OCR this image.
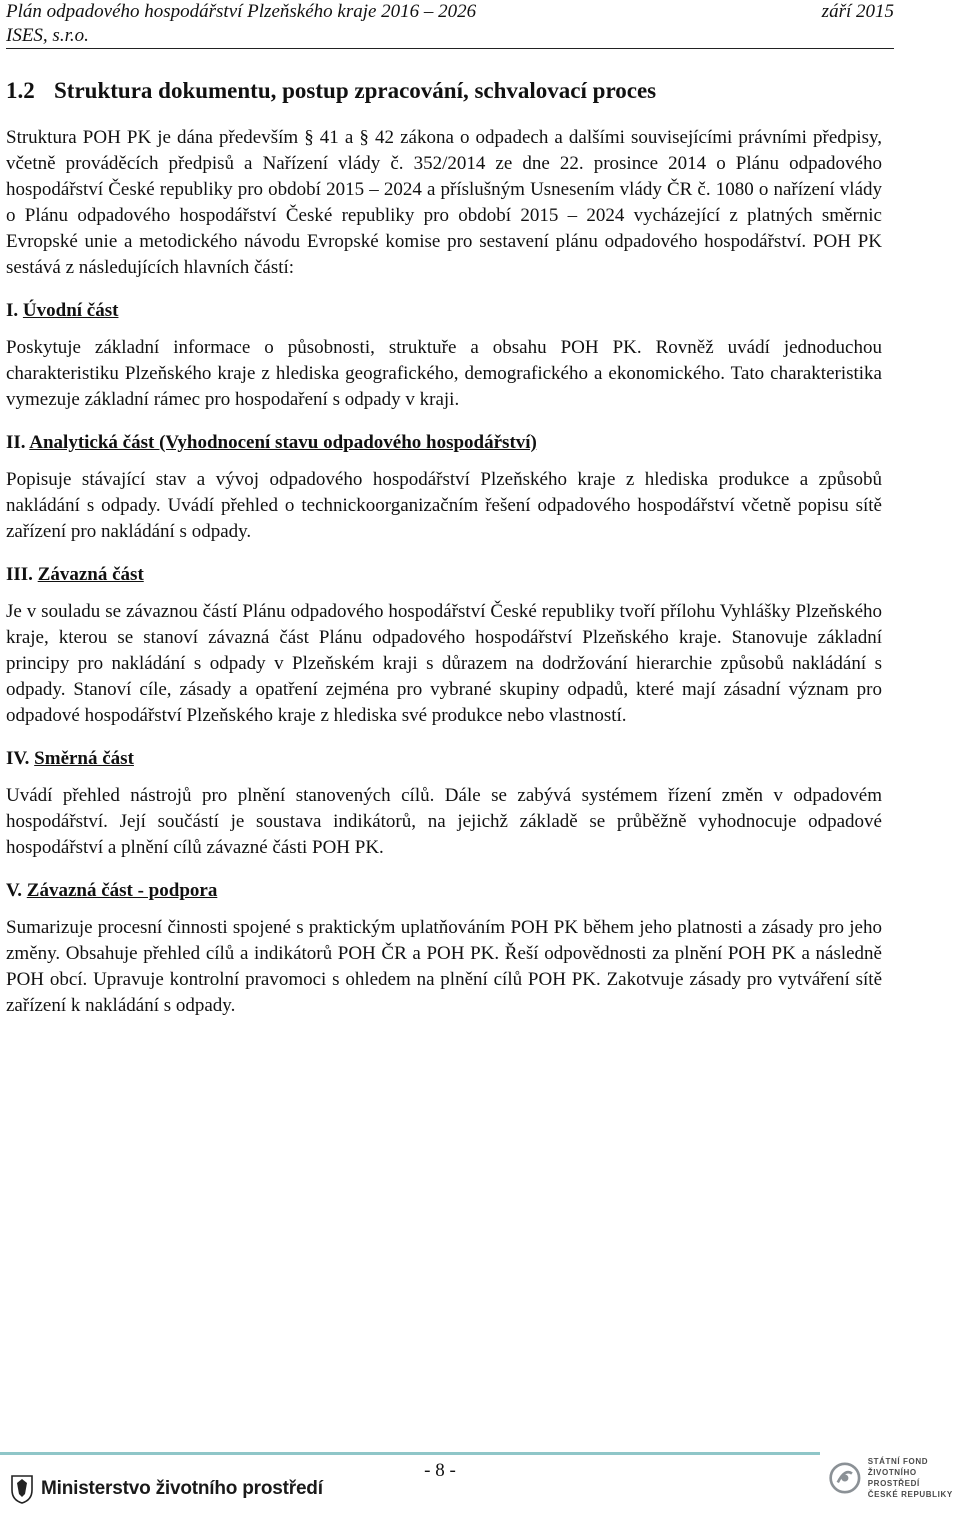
Plán odpadového hospodářství Plzeňského kraje 2016 – 2026	září 2015
ISES, s.r.o.
1.2 Struktura dokumentu, postup zpracování, schvalovací proces

Struktura POH PK je dána především § 41 a § 42 zákona o odpadech a dalšími souvisejícími právními předpisy, včetně prováděcích předpisů a Nařízení vlády č. 352/2014 ze dne 22. prosince 2014 o Plánu odpadového hospodářství České republiky pro období 2015 – 2024 a příslušným Usnesením vlády ČR č. 1080 o nařízení vlády o Plánu odpadového hospodářství České republiky pro období 2015 – 2024 vycházející z platných směrnic Evropské unie a metodického návodu Evropské komise pro sestavení plánu odpadového hospodářství. POH PK sestává z následujících hlavních částí:

I. Úvodní část

Poskytuje základní informace o působnosti, struktuře a obsahu POH PK. Rovněž uvádí jednoduchou charakteristiku Plzeňského kraje z hlediska geografického, demografického a ekonomického. Tato charakteristika vymezuje základní rámec pro hospodaření s odpady v kraji.

II. Analytická část (Vyhodnocení stavu odpadového hospodářství)

Popisuje stávající stav a vývoj odpadového hospodářství Plzeňského kraje z hlediska produkce a způsobů nakládání s odpady. Uvádí přehled o technickoorganizačním řešení odpadového hospodářství včetně popisu sítě zařízení pro nakládání s odpady.

III. Závazná část

Je v souladu se závaznou částí Plánu odpadového hospodářství České republiky tvoří přílohu Vyhlášky Plzeňského kraje, kterou se stanoví závazná část Plánu odpadového hospodářství Plzeňského kraje. Stanovuje základní principy pro nakládání s odpady v Plzeňském kraji s důrazem na dodržování hierarchie způsobů nakládání s odpady. Stanoví cíle, zásady a opatření zejména pro vybrané skupiny odpadů, které mají zásadní význam pro odpadové hospodářství Plzeňského kraje z hlediska své produkce nebo vlastností.

IV. Směrná část

Uvádí přehled nástrojů pro plnění stanovených cílů. Dále se zabývá systémem řízení změn v odpadovém hospodářství. Její součástí je soustava indikátorů, na jejichž základě se průběžně vyhodnocuje odpadové hospodářství a plnění cílů závazné části POH PK.

V. Závazná část - podpora

Sumarizuje procesní činnosti spojené s praktickým uplatňováním POH PK během jeho platnosti a zásady pro jeho změny. Obsahuje přehled cílů a indikátorů POH ČR a POH PK. Řeší odpovědnosti za plnění POH PK a následně POH obcí. Upravuje kontrolní pravomoci s ohledem na plnění cílů POH PK. Zakotvuje zásady pro vytváření sítě zařízení k nakládání s odpady.

Ministerstvo životního prostředí
- 8 -	STÁTNÍ FOND
ŽIVOTNÍHO PROSTŘEDÍ
ČESKÉ REPUBLIKY
